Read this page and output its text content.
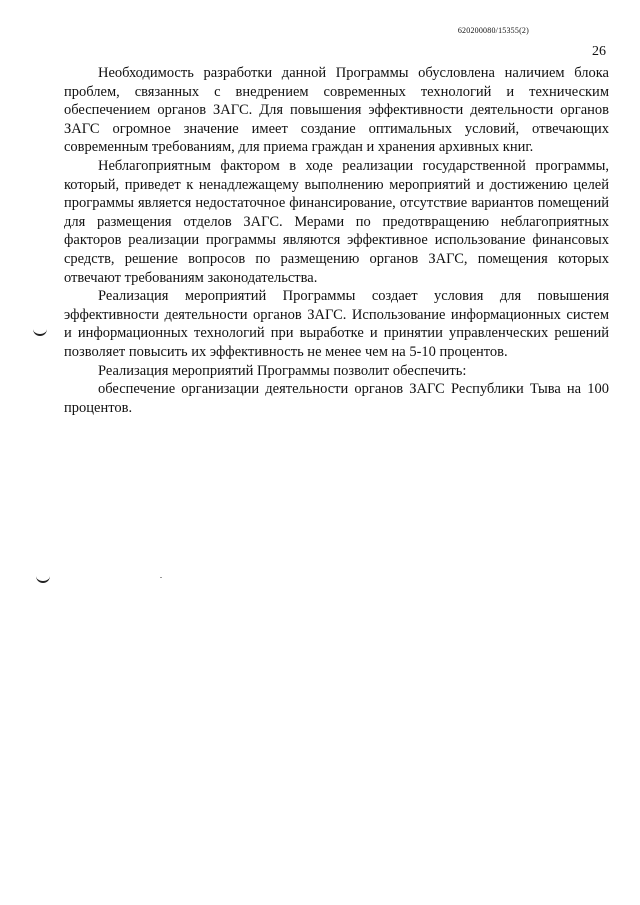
620200080/15355(2)
26

Необходимость разработки данной Программы обусловлена наличием блока проблем, связанных с внедрением современных технологий и техническим обеспечением органов ЗАГС. Для повышения эффективности деятельности органов ЗАГС огромное значение имеет создание оптимальных условий, отвечающих современным требованиям, для приема граждан и хранения архивных книг.

Неблагоприятным фактором в ходе реализации государственной программы, который, приведет к ненадлежащему выполнению мероприятий и достижению целей программы является недостаточное финансирование, отсутствие вариантов помещений для размещения отделов ЗАГС. Мерами по предотвращению неблагоприятных факторов реализации программы являются эффективное использование финансовых средств, решение вопросов по размещению органов ЗАГС, помещения которых отвечают требованиям законодательства.

Реализация мероприятий Программы создает условия для повышения эффективности деятельности органов ЗАГС. Использование информационных систем и информационных технологий при выработке и принятии управленческих решений позволяет повысить их эффективность не менее чем на 5-10 процентов.

Реализация мероприятий Программы позволит обеспечить:

обеспечение организации деятельности органов ЗАГС Республики Тыва на 100 процентов.
